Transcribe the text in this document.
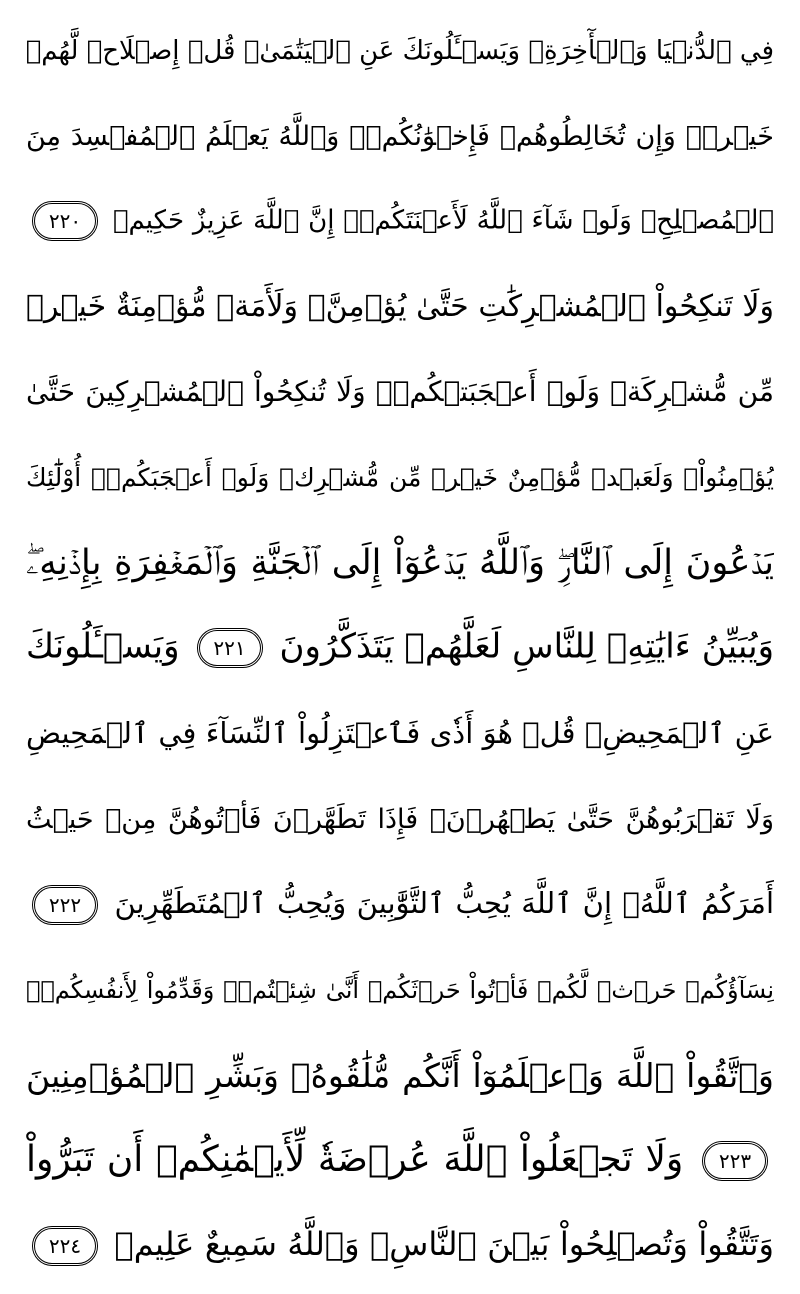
فِي ٱلدُّنۡيَا وَٱلۡأٓخِرَةِۗ وَيَسۡـَٔلُونَكَ عَنِ ٱلۡيَتَٰمَىٰۖ قُلۡ إِصۡلَاحٞ لَّهُمۡ
خَيۡرٞۖ وَإِن تُخَالِطُوهُمۡ فَإِخۡوَٰنُكُمۡۚ وَٱللَّهُ يَعۡلَمُ ٱلۡمُفۡسِدَ مِنَ
ٱلۡمُصۡلِحِۚ وَلَوۡ شَآءَ ٱللَّهُ لَأَعۡنَتَكُمۡۚ إِنَّ ٱللَّهَ عَزِيزٌ حَكِيمٞ ٢٢٠
وَلَا تَنكِحُواْ ٱلۡمُشۡرِكَٰتِ حَتَّىٰ يُؤۡمِنَّۚ وَلَأَمَةٞ مُّؤۡمِنَةٌ خَيۡرٞ
مِّن مُّشۡرِكَةٖ وَلَوۡ أَعۡجَبَتۡكُمۡۗ وَلَا تُنكِحُواْ ٱلۡمُشۡرِكِينَ حَتَّىٰ
يُؤۡمِنُواْۚ وَلَعَبۡدٞ مُّؤۡمِنٌ خَيۡرٞ مِّن مُّشۡرِكٖ وَلَوۡ أَعۡجَبَكُمۡۗ أُوْلَٰٓئِكَ
يَدۡعُونَ إِلَى ٱلنَّارِۖ وَٱللَّهُ يَدۡعُوٓاْ إِلَى ٱلۡجَنَّةِ وَٱلۡمَغۡفِرَةِ بِإِذۡنِهِۦۖ
وَيُبَيِّنُ ءَايَٰتِهِۦ لِلنَّاسِ لَعَلَّهُمۡ يَتَذَكَّرُونَ ٢٢١ وَيَسۡـَٔلُونَكَ
عَنِ ٱلۡمَحِيضِۖ قُلۡ هُوَ أَذٗى فَٱعۡتَزِلُواْ ٱلنِّسَآءَ فِي ٱلۡمَحِيضِ
وَلَا تَقۡرَبُوهُنَّ حَتَّىٰ يَطۡهُرۡنَۖ فَإِذَا تَطَهَّرۡنَ فَأۡتُوهُنَّ مِنۡ حَيۡثُ
أَمَرَكُمُ ٱللَّهُۚ إِنَّ ٱللَّهَ يُحِبُّ ٱلتَّوَّٰبِينَ وَيُحِبُّ ٱلۡمُتَطَهِّرِينَ ٢٢٢
نِسَآؤُكُمۡ حَرۡثٞ لَّكُمۡ فَأۡتُواْ حَرۡثَكُمۡ أَنَّىٰ شِئۡتُمۡۖ وَقَدِّمُواْ لِأَنفُسِكُمۡۚ
وَٱتَّقُواْ ٱللَّهَ وَٱعۡلَمُوٓاْ أَنَّكُم مُّلَٰقُوهُۗ وَبَشِّرِ ٱلۡمُؤۡمِنِينَ
٢٢٣ وَلَا تَجۡعَلُواْ ٱللَّهَ عُرۡضَةٗ لِّأَيۡمَٰنِكُمۡ أَن تَبَرُّواْ
وَتَتَّقُواْ وَتُصۡلِحُواْ بَيۡنَ ٱلنَّاسِۚ وَٱللَّهُ سَمِيعٌ عَلِيمٞ ٢٢٤
